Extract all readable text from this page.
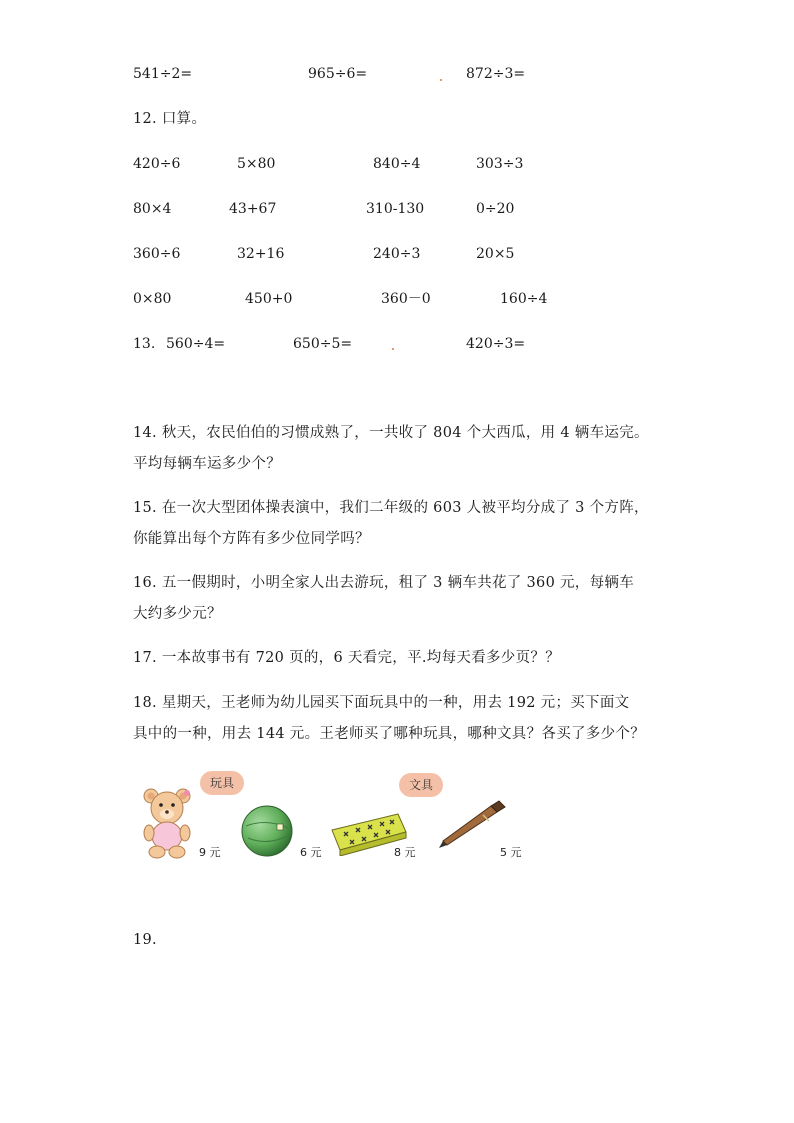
541÷2=	965÷6=	872÷3=
12. 口算。
420÷6	5×80	840÷4	303÷3
80×4	43+67	310-130	0÷20
360÷6	32+16	240÷3	20×5
0×80	450+0	360－0	160÷4
13. 560÷4=	650÷5=	420÷3=
14. 秋天，农民伯伯的习惯成熟了，一共收了 804 个大西瓜，用 4 辆车运完。
平均每辆车运多少个？
15. 在一次大型团体操表演中，我们二年级的 603 人被平均分成了 3 个方阵，
你能算出每个方阵有多少位同学吗？
16. 五一假期时，小明全家人出去游玩，租了 3 辆车共花了 360 元，每辆车
大约多少元？
17. 一本故事书有 720 页的，6 天看完，平.均每天看多少页？？
18. 星期天，王老师为幼儿园买下面玩具中的一种，用去 192 元；买下面文
具中的一种，用去 144 元。王老师买了哪种玩具，哪种文具？各买了多少个？
玩具	文具
9 元	6 元	8 元	5 元
19.
